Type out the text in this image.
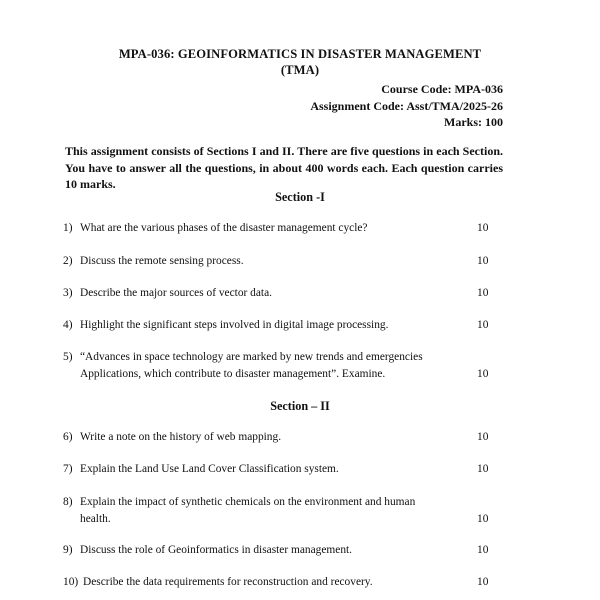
MPA-036: GEOINFORMATICS IN DISASTER MANAGEMENT
(TMA)
Course Code: MPA-036
Assignment Code: Asst/TMA/2025-26
Marks: 100
This assignment consists of Sections I and II. There are five questions in each Section. You have to answer all the questions, in about 400 words each. Each question carries 10 marks.
Section -I
1) What are the various phases of the disaster management cycle?	10
2) Discuss the remote sensing process.	10
3) Describe the major sources of vector data.	10
4) Highlight the significant steps involved in digital image processing.	10
5) “Advances in space technology are marked by new trends and emergencies
Applications, which contribute to disaster management”. Examine.	10
Section – II
6) Write a note on the history of web mapping.	10
7) Explain the Land Use Land Cover Classification system.	10
8) Explain the impact of synthetic chemicals on the environment and human
health.	10
9) Discuss the role of Geoinformatics in disaster management.	10
10) Describe the data requirements for reconstruction and recovery.	10
